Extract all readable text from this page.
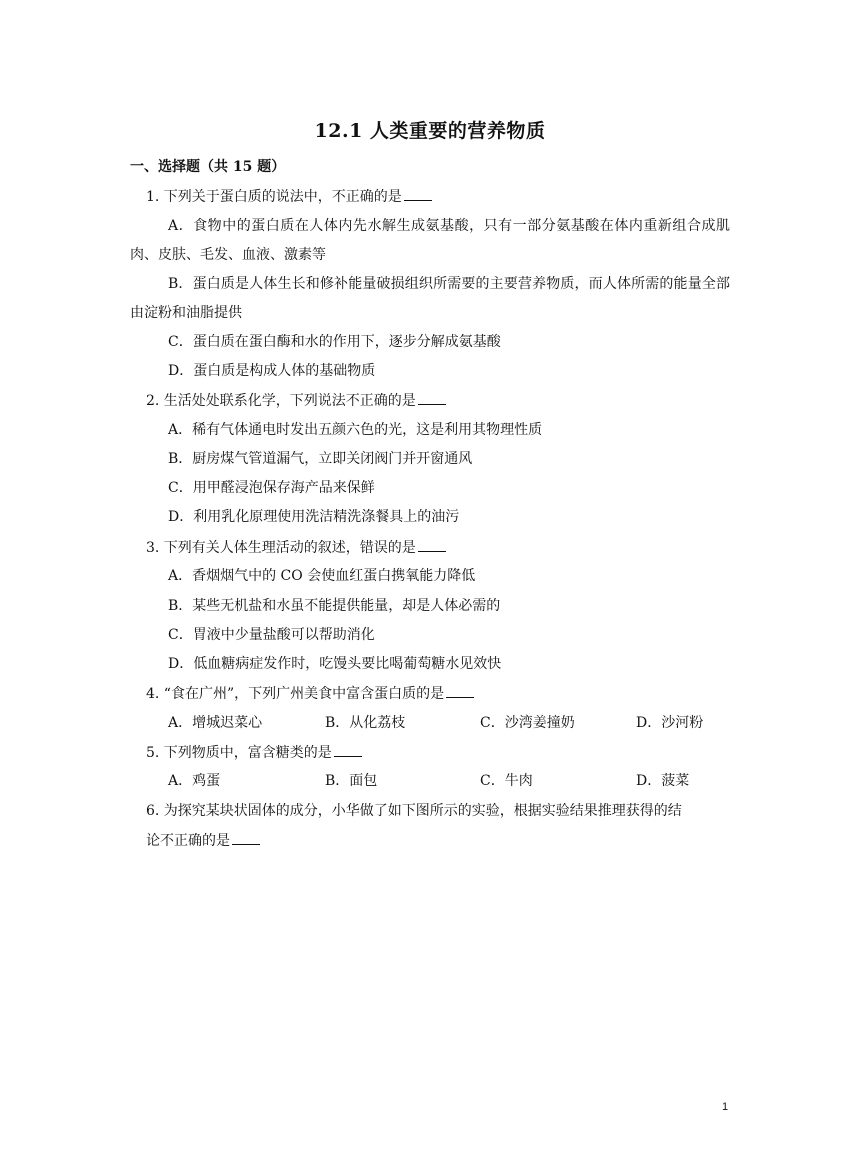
12.1 人类重要的营养物质
一、选择题（共 15 题）
1. 下列关于蛋白质的说法中，不正确的是
A．食物中的蛋白质在人体内先水解生成氨基酸，只有一部分氨基酸在体内重新组合成肌肉、皮肤、毛发、血液、激素等
B．蛋白质是人体生长和修补能量破损组织所需要的主要营养物质，而人体所需的能量全部由淀粉和油脂提供
C．蛋白质在蛋白酶和水的作用下，逐步分解成氨基酸
D．蛋白质是构成人体的基础物质
2. 生活处处联系化学，下列说法不正确的是
A．稀有气体通电时发出五颜六色的光，这是利用其物理性质
B．厨房煤气管道漏气，立即关闭阀门并开窗通风
C．用甲醛浸泡保存海产品来保鲜
D．利用乳化原理使用洗洁精洗涤餐具上的油污
3. 下列有关人体生理活动的叙述，错误的是
A．香烟烟气中的 CO 会使血红蛋白携氧能力降低
B．某些无机盐和水虽不能提供能量，却是人体必需的
C．胃液中少量盐酸可以帮助消化
D．低血糖病症发作时，吃馒头要比喝葡萄糖水见效快
4. “食在广州”，下列广州美食中富含蛋白质的是
A．增城迟菜心	B．从化荔枝	C．沙湾姜撞奶	D．沙河粉
5. 下列物质中，富含糖类的是
A．鸡蛋	B．面包	C．牛肉	D．菠菜
6. 为探究某块状固体的成分，小华做了如下图所示的实验，根据实验结果推理获得的结
论不正确的是
1
